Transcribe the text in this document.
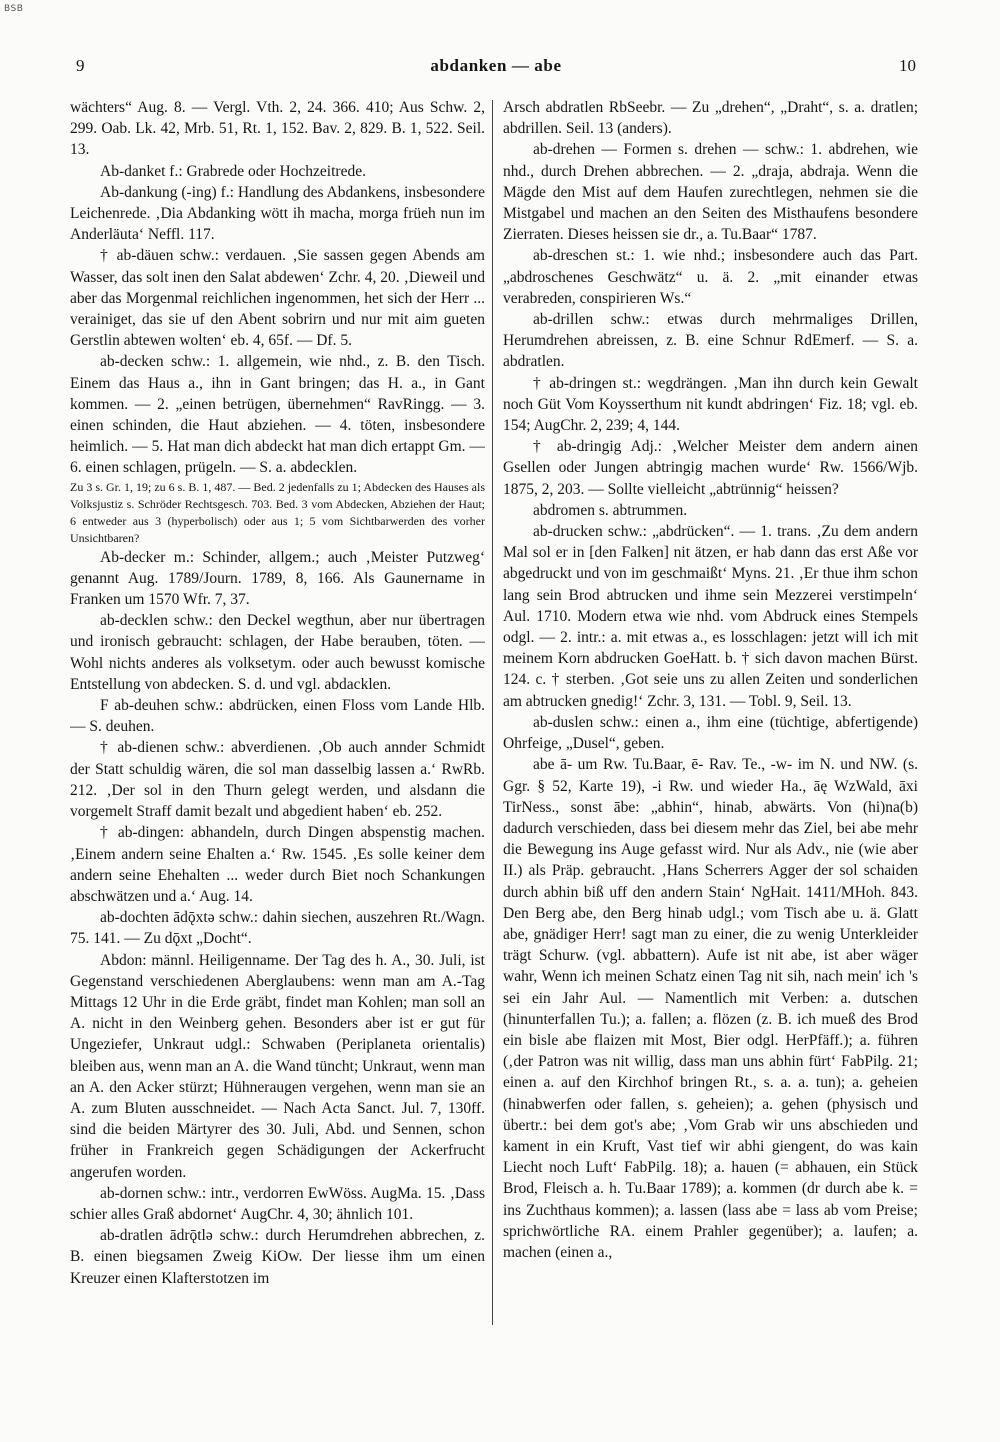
BSB
9	abdanken — abe	10

wächters“ Aug. 8. — Vergl. Vth. 2, 24. 366. 410; Aus Schw. 2, 299. Oab. Lk. 42, Mrb. 51, Rt. 1, 152. Bav. 2, 829. B. 1, 522. Seil. 13.

Ab-danket f.: Grabrede oder Hochzeitrede.

Ab-dankung (-ing) f.: Handlung des Abdankens, insbesondere Leichenrede. ‚Dia Abdanking wött ih macha, morga früeh nun im Anderläuta‘ Neffl. 117.

† ab-däuen schw.: verdauen. ‚Sie sassen gegen Abends am Wasser, das solt inen den Salat abdewen‘ Zchr. 4, 20. ‚Dieweil und aber das Morgenmal reichlichen ingenommen, het sich der Herr ... verainiget, das sie uf den Abent sobrirn und nur mit aim gueten Gerstlin abtewen wolten‘ eb. 4, 65f. — Df. 5.

ab-decken schw.: 1. allgemein, wie nhd., z. B. den Tisch. Einem das Haus a., ihn in Gant bringen; das H. a., in Gant kommen. — 2. „einen betrügen, übernehmen“ RavRingg. — 3. einen schinden, die Haut abziehen. — 4. töten, insbesondere heimlich. — 5. Hat man dich abdeckt hat man dich ertappt Gm. — 6. einen schlagen, prügeln. — S. a. abdecklen.

Zu 3 s. Gr. 1, 19; zu 6 s. B. 1, 487. — Bed. 2 jedenfalls zu 1; Abdecken des Hauses als Volksjustiz s. Schröder Rechtsgesch. 703. Bed. 3 vom Abdecken, Abziehen der Haut; 6 entweder aus 3 (hyperbolisch) oder aus 1; 5 vom Sichtbarwerden des vorher Unsichtbaren?

Ab-decker m.: Schinder, allgem.; auch ‚Meister Putzweg‘ genannt Aug. 1789/Journ. 1789, 8, 166. Als Gaunername in Franken um 1570 Wfr. 7, 37.

ab-decklen schw.: den Deckel wegthun, aber nur übertragen und ironisch gebraucht: schlagen, der Habe berauben, töten. — Wohl nichts anderes als volksetym. oder auch bewusst komische Entstellung von abdecken. S. d. und vgl. abdacklen.

F ab-deuhen schw.: abdrücken, einen Floss vom Lande Hlb. — S. deuhen.

† ab-dienen schw.: abverdienen. ‚Ob auch annder Schmidt der Statt schuldig wären, die sol man dasselbig lassen a.‘ RwRb. 212. ‚Der sol in den Thurn gelegt werden, und alsdann die vorgemelt Straff damit bezalt und abgedient haben‘ eb. 252.

† ab-dingen: abhandeln, durch Dingen abspenstig machen. ‚Einem andern seine Ehalten a.‘ Rw. 1545. ‚Es solle keiner dem andern seine Ehehalten ... weder durch Biet noch Schankungen abschwätzen und a.‘ Aug. 14.

ab-dochten ādǭxtə schw.: dahin siechen, auszehren Rt./Wagn. 75. 141. — Zu dǭxt „Docht“.

Abdon: männl. Heiligenname. Der Tag des h. A., 30. Juli, ist Gegenstand verschiedenen Aberglaubens: wenn man am A.-Tag Mittags 12 Uhr in die Erde gräbt, findet man Kohlen; man soll an A. nicht in den Weinberg gehen. Besonders aber ist er gut für Ungeziefer, Unkraut udgl.: Schwaben (Periplaneta orientalis) bleiben aus, wenn man an A. die Wand tüncht; Unkraut, wenn man an A. den Acker stürzt; Hühneraugen vergehen, wenn man sie an A. zum Bluten ausschneidet. — Nach Acta Sanct. Jul. 7, 130ff. sind die beiden Märtyrer des 30. Juli, Abd. und Sennen, schon früher in Frankreich gegen Schädigungen der Ackerfrucht angerufen worden.

ab-dornen schw.: intr., verdorren EwWöss. AugMa. 15. ‚Dass schier alles Graß abdornet‘ AugChr. 4, 30; ähnlich 101.

ab-dratlen ādrǭtlə schw.: durch Herumdrehen abbrechen, z. B. einen biegsamen Zweig KiOw. Der liesse ihm um einen Kreuzer einen Klafterstotzen im

Arsch abdratlen RbSeebr. — Zu „drehen“, „Draht“, s. a. dratlen; abdrillen. Seil. 13 (anders).

ab-drehen — Formen s. drehen — schw.: 1. abdrehen, wie nhd., durch Drehen abbrechen. — 2. „draja, abdraja. Wenn die Mägde den Mist auf dem Haufen zurechtlegen, nehmen sie die Mistgabel und machen an den Seiten des Misthaufens besondere Zierraten. Dieses heissen sie dr., a. Tu.Baar“ 1787.

ab-dreschen st.: 1. wie nhd.; insbesondere auch das Part. „abdroschenes Geschwätz“ u. ä. 2. „mit einander etwas verabreden, conspirieren Ws.“

ab-drillen schw.: etwas durch mehrmaliges Drillen, Herumdrehen abreissen, z. B. eine Schnur RdEmerf. — S. a. abdratlen.

† ab-dringen st.: wegdrängen. ‚Man ihn durch kein Gewalt noch Güt Vom Koysserthum nit kundt abdringen‘ Fiz. 18; vgl. eb. 154; AugChr. 2, 239; 4, 144.

† ab-dringig Adj.: ‚Welcher Meister dem andern ainen Gsellen oder Jungen abtringig machen wurde‘ Rw. 1566/Wjb. 1875, 2, 203. — Sollte vielleicht „abtrünnig“ heissen?

abdromen s. abtrummen.

ab-drucken schw.: „abdrücken“. — 1. trans. ‚Zu dem andern Mal sol er in [den Falken] nit ätzen, er hab dann das erst Aße vor abgedruckt und von im geschmaißt‘ Myns. 21. ‚Er thue ihm schon lang sein Brod abtrucken und ihme sein Mezzerei verstimpeln‘ Aul. 1710. Modern etwa wie nhd. vom Abdruck eines Stempels odgl. — 2. intr.: a. mit etwas a., es losschlagen: jetzt will ich mit meinem Korn abdrucken GoeHatt. b. † sich davon machen Bürst. 124. c. † sterben. ‚Got seie uns zu allen Zeiten und sonderlichen am abtrucken gnedig!‘ Zchr. 3, 131. — Tobl. 9, Seil. 13.

ab-duslen schw.: einen a., ihm eine (tüchtige, abfertigende) Ohrfeige, „Dusel“, geben.

abe ā- um Rw. Tu.Baar, ē- Rav. Te., -w- im N. und NW. (s. Ggr. § 52, Karte 19), -i Rw. und wieder Ha., āę WzWald, āxi TirNess., sonst ābe: „abhin“, hinab, abwärts. Von (hi)na(b) dadurch verschieden, dass bei diesem mehr das Ziel, bei abe mehr die Bewegung ins Auge gefasst wird. Nur als Adv., nie (wie aber II.) als Präp. gebraucht. ‚Hans Scherrers Agger der sol schaiden durch abhin biß uff den andern Stain‘ NgHait. 1411/MHoh. 843. Den Berg abe, den Berg hinab udgl.; vom Tisch abe u. ä. Glatt abe, gnädiger Herr! sagt man zu einer, die zu wenig Unterkleider trägt Schurw. (vgl. abbattern). Aufe ist nit abe, ist aber wäger wahr, Wenn ich meinen Schatz einen Tag nit sih, nach mein' ich 's sei ein Jahr Aul. — Namentlich mit Verben: a. dutschen (hinunterfallen Tu.); a. fallen; a. flözen (z. B. ich mueß des Brod ein bisle abe flaizen mit Most, Bier odgl. HerPfäff.); a. führen (‚der Patron was nit willig, dass man uns abhin fürt‘ FabPilg. 21; einen a. auf den Kirchhof bringen Rt., s. a. a. tun); a. geheien (hinabwerfen oder fallen, s. geheien); a. gehen (physisch und übertr.: bei dem got's abe; ‚Vom Grab wir uns abschieden und kament in ein Kruft, Vast tief wir abhi giengent, do was kain Liecht noch Luft‘ FabPilg. 18); a. hauen (= abhauen, ein Stück Brod, Fleisch a. h. Tu.Baar 1789); a. kommen (dr durch abe k. = ins Zuchthaus kommen); a. lassen (lass abe = lass ab vom Preise; sprichwörtliche RA. einem Prahler gegenüber); a. laufen; a. machen (einen a.,
